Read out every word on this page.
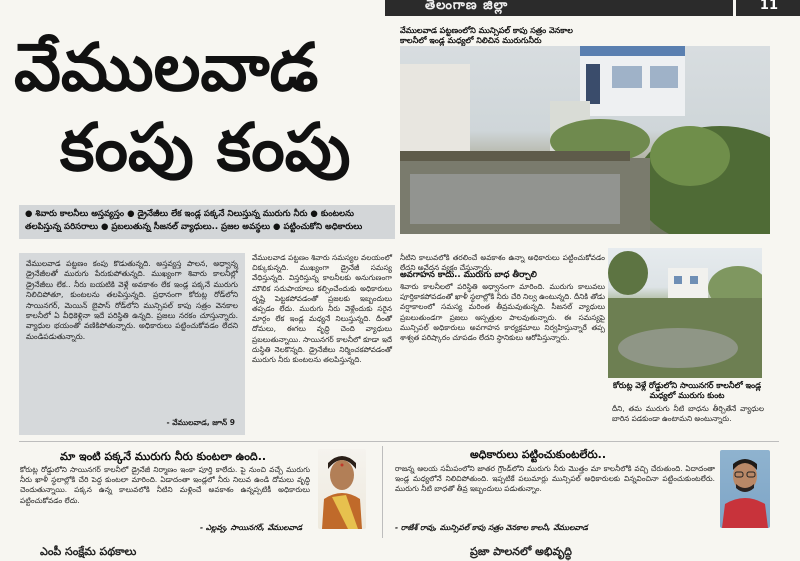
తెలంగాణ జిల్లా	11
వేములవాడ
కంపు కంపు
వేములవాడ పట్టణంలోని మున్సిపల్ కాపు సత్రం వెనకాల కాలనీలో ఇండ్ల మధ్యలో నిలిచిన మురుగునీరు
● శివారు కాలనీలు అస్తవ్యస్తం ● డ్రైనేజీలు లేక ఇండ్ల పక్కనే నిలుస్తున్న మురుగు నీరు ● కుంటలను తలపిస్తున్న పరిసరాలు ● ప్రబలుతున్న సీజనల్ వ్యాధులు.. ప్రజల అవస్థలు ● పట్టించుకోని అధికారులు
వేములవాడ పట్టణం కంపు కొడుతున్నది. అస్తవ్యస్త పాలన, అధ్వాన్న డ్రైనేజీలతో మురుగు పేరుకుపోతున్నది. ముఖ్యంగా శివారు కాలనీల్లో డ్రైనేజీలు లేక.. నీరు బయటికి వెళ్లే అవకాశం లేక ఇండ్ల పక్కనే మురుగు నిలిచిపోతూ, కుంటలను తలపిస్తున్నది. ప్రధానంగా కోరుట్ల రోడ్‌లోని సాయినగర్, మెయిన్ బైపాస్ రోడ్‌లోని మున్సిపల్ కాపు సత్రం వెనకాల కాలనీలో ఏ వీధికెళ్లినా ఇదే పరిస్థితి ఉన్నది. ప్రజలు నరకం చూస్తున్నారు. వ్యాధుల భయంతో వణికిపోతున్నారు. అధికారులు పట్టించుకోవడం లేదని మండిపడుతున్నారు.
- వేములవాడ, జూన్ 9
వేములవాడ పట్టణం శివారు సమస్యల వలయంలో చిక్కుకున్నది. ముఖ్యంగా డ్రైనేజీ సమస్య వేధిస్తున్నది. విస్తరిస్తున్న కాలనీలకు అనుగుణంగా మౌలిక సదుపాయాలు కల్పించేందుకు అధికారులు దృష్టి పెట్టకపోవడంతో ప్రజలకు ఇబ్బందులు తప్పడం లేదు. మురుగు నీరు వెళ్లేందుకు సరైన మార్గం లేక ఇండ్ల మధ్యనే నిలుస్తున్నది. దీంతో దోమలు, ఈగలు వృద్ధి చెంది వ్యాధులు ప్రబలుతున్నాయి. సాయినగర్ కాలనీలో కూడా ఇదే దుస్థితి నెలకొన్నది. డ్రైనేజీలు నిర్మించకపోవడంతో మురుగు నీరు కుంటలను తలపిస్తున్నది.
నీటిని కాలువలోకి తరలించే అవకాశం ఉన్నా అధికారులు పట్టించుకోవడం లేదని అవేదన వ్యక్తం చేస్తున్నారు.
అవగాహన కాదు.. మురుగు బాధ తీర్చాలి
శివారు కాలనీలలో పరిస్థితి అధ్వానంగా మారింది. మురుగు కాలువలు పూర్తికాకపోవడంతో ఖాళీ స్థలాల్లోకి నీరు చేరి నిల్వ ఉంటున్నది. దీనికి తోడు వర్షాకాలంలో సమస్య మరింత తీవ్రమవుతున్నది. సీజనల్ వ్యాధులు ప్రబలుతుండగా ప్రజలు ఆస్పత్రుల పాలవుతున్నారు. ఈ సమస్యపై మున్సిపల్ అధికారులు అవగాహన కార్యక్రమాలు నిర్వహిస్తున్నారే తప్ప శాశ్వత పరిష్కారం చూపడం లేదని స్థానికులు ఆరోపిస్తున్నారు.
కోరుట్ల వెళ్లే రోడ్డులోని సాయినగర్ కాలనీలో ఇండ్ల మధ్యలో మురుగు కుంట
దీని, తమ మురుగు నీటి బాధను తీర్చితేనే వ్యాధుల బారిన పడకుండా ఉంటామని అంటున్నారు.
మా ఇంటి పక్కనే మురుగు నీరు కుంటలా ఉంది..
కోరుట్ల రోడ్డులోని సాయినగర్ కాలనీలో డ్రైనేజీ నిర్మాణం ఇంకా పూర్తి కాలేదు. పై నుంచి వచ్చే మురుగు నీరు ఖాళీ స్థలాల్లోకి చేరి పెద్ద కుంటలా మారింది. ఏడాదంతా ఇండ్లలో నీరు నిలువ ఉండి దోమలు వృద్ధి చెందుతున్నాయి. పక్కన ఉన్న కాలువలోకి నీటిని మళ్లించే అవకాశం ఉన్నప్పటికీ అధికారులు పట్టించుకోవడం లేదు.
- ఎల్లవ్వ, సాయినగర్, వేములవాడ
అధికారులు పట్టించుకుంటలేరు..
రాజన్న ఆలయ సమీపంలోని జాతర గ్రౌండ్‌లోని మురుగు నీరు మొత్తం మా కాలనీలోకి వచ్చి చేరుతుంది. ఏదాదంతా ఇండ్ల మధ్యలోనే నిలిచిపోతుంది. ఇప్పటికే పలుమార్లు మున్సిపల్ అధికారులకు విన్నవించినా పట్టించుకుంటలేరు. మురుగు నీటి బాధతో తీవ్ర ఇబ్బందులు పడుతున్నాం.
- రాజేశ్ రావు, మున్సిపల్ కాపు సత్రం వెనకాల కాలనీ, వేములవాడ
ఎంపీ సంక్షేమ పథకాలు	ప్రజా పాలనలో అభివృద్ధి
